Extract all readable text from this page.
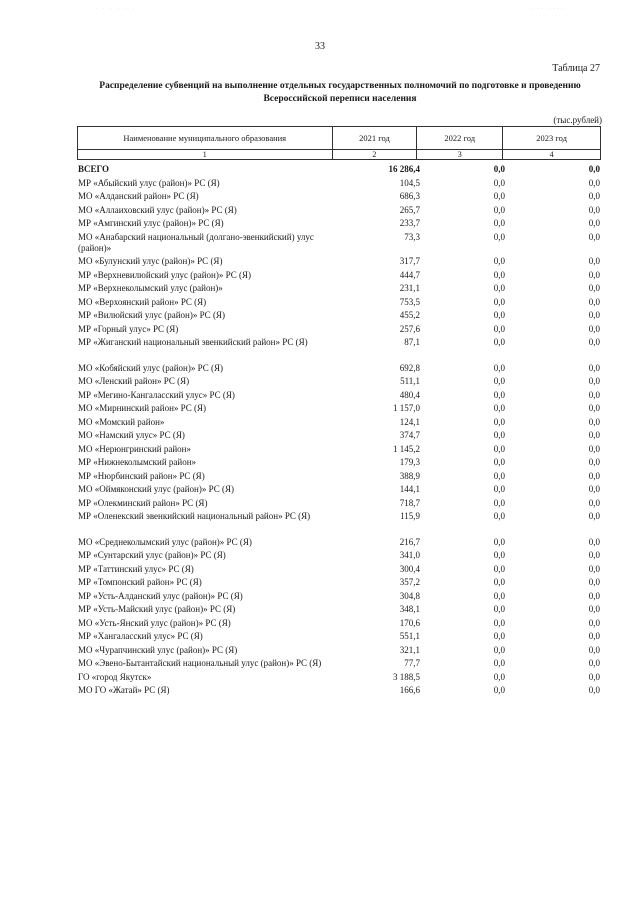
· · · · · ·	· ·· ····
33
Таблица 27
Распределение субвенций на выполнение отдельных государственных полномочий по подготовке и проведению Всероссийской переписи населения
(тыс.рублей)
Наименование муниципального образования	2021 год	2022 год	2023 год
1	2	3	4
ВСЕГО	16 286,4	0,0	0,0
МР «Абыйский улус (район)» РС (Я)	104,5	0,0	0,0
МО «Алданский район» РС (Я)	686,3	0,0	0,0
МО «Аллаиховский улус (район)» РС (Я)	265,7	0,0	0,0
МР «Амгинский улус (район)» РС (Я)	233,7	0,0	0,0
МО «Анабарский национальный (долгано-эвенкийский) улус (район)»
73,3	0,0	0,0
МО «Булунский улус (район)» РС (Я)	317,7	0,0	0,0
МР «Верхневилюйский улус (район)» РС (Я)	444,7	0,0	0,0
МР «Верхнеколымский улус (район)»	231,1	0,0	0,0
МО «Верхоянский район» РС (Я)	753,5	0,0	0,0
МР «Вилюйский улус (район)» РС (Я)	455,2	0,0	0,0
МР «Горный улус» РС (Я)	257,6	0,0	0,0
МР «Жиганский национальный эвенкийский район» РС (Я)	87,1	0,0	0,0
МО «Кобяйский улус (район)» РС (Я)	692,8	0,0	0,0
МО «Ленский район» РС (Я)	511,1	0,0	0,0
МР «Мегино-Кангаласский улус» РС (Я)	480,4	0,0	0,0
МО «Мирнинский район» РС (Я)	1 157,0	0,0	0,0
МО «Момский район»	124,1	0,0	0,0
МО «Намский улус» РС (Я)	374,7	0,0	0,0
МО «Нерюнгринский район»	1 145,2	0,0	0,0
МР «Нижнеколымский район»	179,3	0,0	0,0
МР «Нюрбинский район» РС (Я)	388,9	0,0	0,0
МО «Оймяконский улус (район)» РС (Я)	144,1	0,0	0,0
МР «Олекминский район» РС (Я)	718,7	0,0	0,0
МР «Оленекский эвенкийский национальный район» РС (Я)	115,9	0,0	0,0
МО «Среднеколымский улус (район)» РС (Я)	216,7	0,0	0,0
МР «Сунтарский улус (район)» РС (Я)	341,0	0,0	0,0
МР «Таттинский улус» РС (Я)	300,4	0,0	0,0
МР «Томпонский район» РС (Я)	357,2	0,0	0,0
МР «Усть-Алданский улус (район)» РС (Я)	304,8	0,0	0,0
МР «Усть-Майский улус (район)» РС (Я)	348,1	0,0	0,0
МО «Усть-Янский улус (район)» РС (Я)	170,6	0,0	0,0
МР «Хангаласский улус» РС (Я)	551,1	0,0	0,0
МО «Чурапчинский улус (район)» РС (Я)	321,1	0,0	0,0
МО «Эвено-Бытантайский национальный улус (район)» РС (Я)	77,7	0,0	0,0
ГО «город Якутск»	3 188,5	0,0	0,0
МО ГО «Жатай» РС (Я)	166,6	0,0	0,0
